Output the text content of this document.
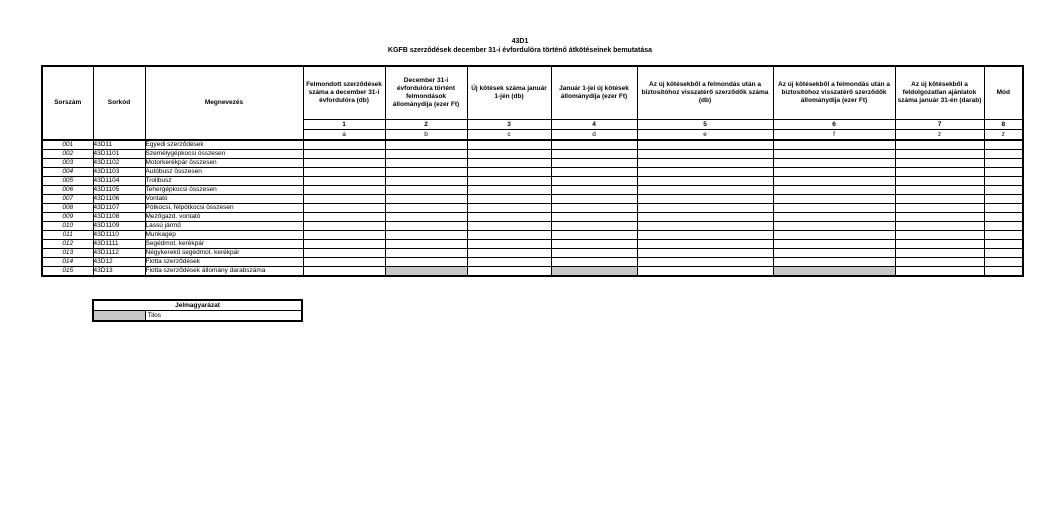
43D1
KGFB szerződések december 31-i évfordulóra történő átkötéseinek bemutatása
Sorszám	Sorkód	Megnevezés	Felmondott szerződések száma a december 31-i évfordulóra (db)	December 31-i évfordulóra történt felmondások állománydíja (ezer Ft)	Új kötések száma január 1-jén (db)	Január 1-jei új kötések állománydíja (ezer Ft)	Az új kötésekből a felmondás után a biztosítóhoz visszatérő szerződők száma (db)	Az új kötésekből a felmondás után a biztosítóhoz visszatérő szerződők állománydíja (ezer Ft)	Az új kötésekből a feldolgozatlan ajánlatok száma január 31-én (darab)	Mód
			1	2	3	4	5	6	7	8
			a	b	c	d	e	f	z	z
001	43D11	Egyedi szerződések								
002	43D1101	Személygépkocsi összesen								
003	43D1102	Motorkerékpár összesen								
004	43D1103	Autóbusz összesen								
005	43D1104	Trolibusz								
006	43D1105	Tehergépkocsi összesen								
007	43D1106	Vontató								
008	43D1107	Pótkocsi, félpótkocsi összesen								
009	43D1108	Mezőgazd. vontató								
010	43D1109	Lassú jármű								
011	43D1110	Munkagép								
012	43D1111	Segédmot. kerékpár								
013	43D1112	Négykerekű segédmot. kerékpár								
014	43D12	Flotta szerződések								
015	43D13	Flotta szerződések állomány darabszáma								
Jelmagyarázat
	Tilos
